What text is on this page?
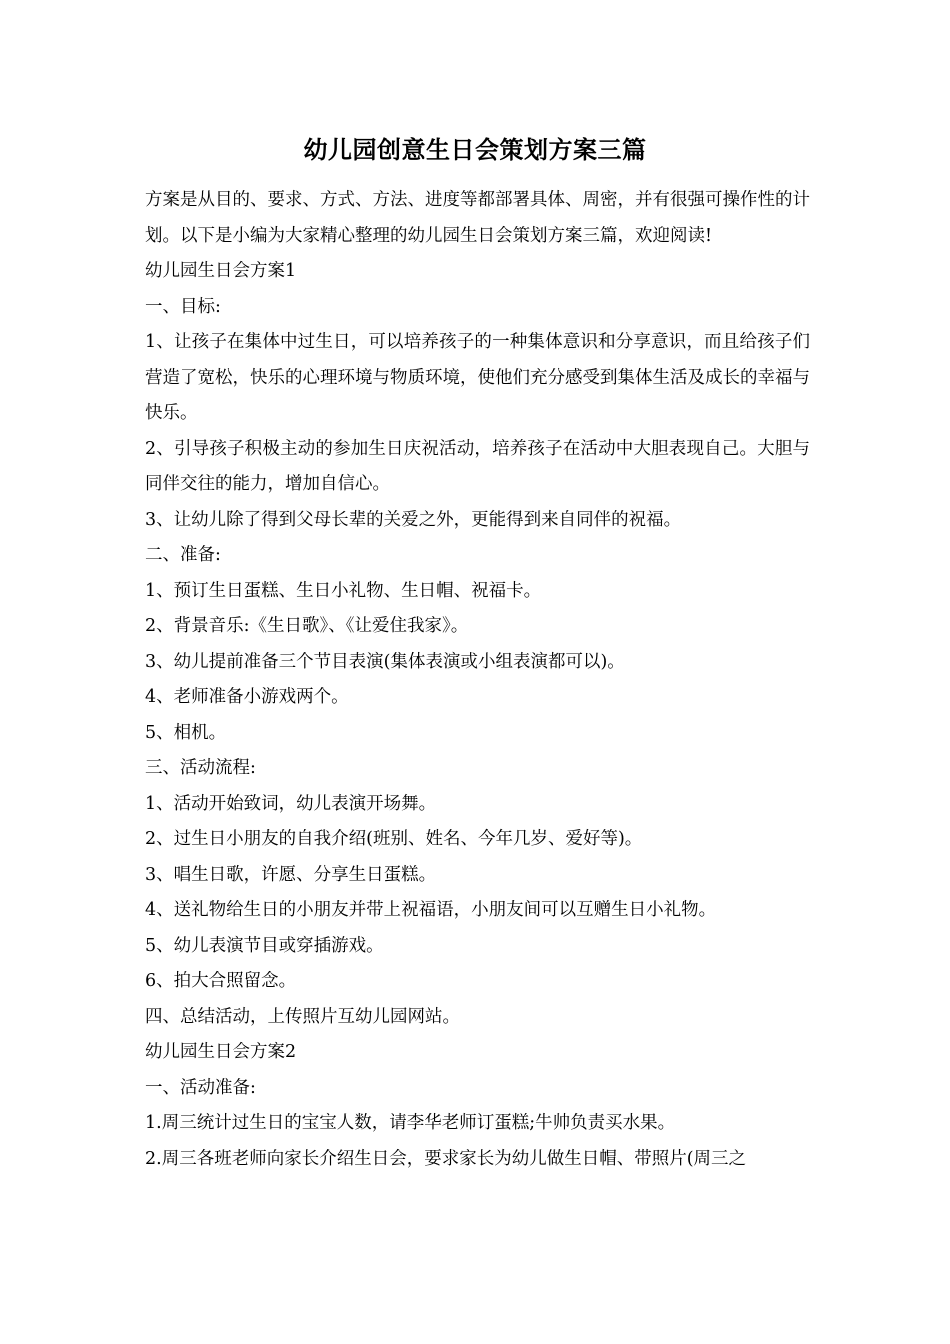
幼儿园创意生日会策划方案三篇

方案是从目的、要求、方式、方法、进度等都部署具体、周密，并有很强可操作性的计划。以下是小编为大家精心整理的幼儿园生日会策划方案三篇，欢迎阅读!

幼儿园生日会方案1

一、目标:

1、让孩子在集体中过生日，可以培养孩子的一种集体意识和分享意识，而且给孩子们营造了宽松，快乐的心理环境与物质环境，使他们充分感受到集体生活及成长的幸福与快乐。

2、引导孩子积极主动的参加生日庆祝活动，培养孩子在活动中大胆表现自己。大胆与同伴交往的能力，增加自信心。

3、让幼儿除了得到父母长辈的关爱之外，更能得到来自同伴的祝福。

二、准备:

1、预订生日蛋糕、生日小礼物、生日帽、祝福卡。

2、背景音乐:《生日歌》、《让爱住我家》。

3、幼儿提前准备三个节目表演(集体表演或小组表演都可以)。

4、老师准备小游戏两个。

5、相机。

三、活动流程:

1、活动开始致词，幼儿表演开场舞。

2、过生日小朋友的自我介绍(班别、姓名、今年几岁、爱好等)。

3、唱生日歌，许愿、分享生日蛋糕。

4、送礼物给生日的小朋友并带上祝福语，小朋友间可以互赠生日小礼物。

5、幼儿表演节目或穿插游戏。

6、拍大合照留念。

四、总结活动，上传照片互幼儿园网站。

幼儿园生日会方案2

一、活动准备:

1.周三统计过生日的宝宝人数，请李华老师订蛋糕;牛帅负责买水果。

2.周三各班老师向家长介绍生日会，要求家长为幼儿做生日帽、带照片(周三之
